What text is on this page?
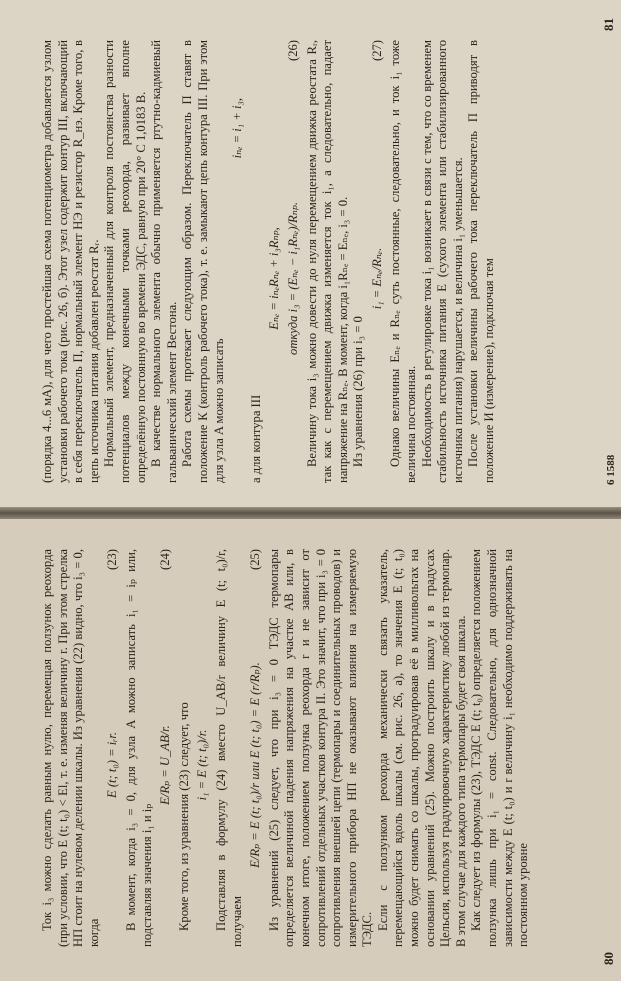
Ток i₃ можно сделать равным нулю, перемещая ползунок реохорда (при условии, что E (t; t₀) < El, т. е. изменяя величину r. При этом стрелка НП стоит на нулевом делении шкалы. Из уравнения (22) видно, что i₃ = 0, когда

E (t; t₀) = iᵣr.
(23) В момент, когда i₃ = 0, для узла A можно записать i₁ = iₚ или, подставляя значения i₁ и iₚ

E/Rₚ = U_AB/r.
(24)

Кроме того, из уравнения (23) следует, что i₁ = E (t; t₀)/r. Подставляя в формулу (24) вместо U_AB/r величину E (t; t₀)/r, получаем

E/Rₚ = E (t; t₀)/r или E (t; t₀) = E (r/Rₚ).
(25) Из уравнений (25) следует, что при i₃ = 0 ТЭДС термопары определяется величиной падения напряжения на участке AB или, в конечном итоге, положением ползунка реохорда r и не зависит от сопротивлений отдельных участков контура II. Это значит, что при i₃ = 0 сопротивления внешней цепи (термопары и соединительных проводов) и измерительного прибора НП не оказывают влияния на измеряемую ТЭДС. Если с ползунком реохорда механически связать указатель, перемещающийся вдоль шкалы (см. рис. 26, a), то значения E (t; t₀) можно будет снимать со шкалы, проградуировав её в милливольтах на основании уравнений (25). Можно построить шкалу и в градусах Цельсия, используя градуировочную характеристику любой из термопар. В этом случае для каждого типа термопары будет своя шкала. Как следует из формулы (23), ТЭДС E (t; t₀) определяется положением ползунка лишь при i₁ = const. Следовательно, для однозначной зависимости между E (t; t₀) и r величину i₁ необходимо поддерживать на постоянном уровне

80

(порядка 4...6 мА), для чего простейшая схема потенциометра добавляется узлом установки рабочего тока (рис. 26, б). Этот узел содержит контур III, включающий в себя переключатель П, нормальный элемент НЭ и резистор R_нэ. Кроме того, в цепь источника питания добавлен реостат Rᵣ. Нормальный элемент, предназначенный для контроля постоянства разности потенциалов между конечными точками реохорда, развивает вполне определённую постоянную во времени ЭДС, равную при 20° C 1,0183 В. В качестве нормального элемента обычно применяется ртутно-кадмиевый гальванический элемент Вестона. Работа схемы протекает следующим образом. Переключатель П ставят в положение К (контроль рабочего тока), т. е. замыкают цепь контура III. При этом для узла A можно записать

iₙₑ = i₁ + i₃,

а для контура III

Eₙₑ = iₙₑRₙₑ + i₃Rₙₚ, откуда i₃ = (Eₙₑ − i₁Rₙₑ)/Rₙₚ.
(26) Величину тока i₃ можно довести до нуля перемещением движка реостата Rᵣ, так как с перемещением движка изменяется ток i₁, а следовательно, падает напряжение на Rₙₑ. В момент, когда i₁Rₙₑ = Eₙₑ, i₃ = 0. Из уравнения (26) при i₃ = 0

i₁ = Eₙₑ/Rₙₑ.
(27) Однако величины Eₙₑ и Rₙₑ суть постоянные, следовательно, и ток i₁ тоже величина постоянная. Необходимость в регулировке тока i₁ возникает в связи с тем, что со временем стабильность источника питания E (сухого элемента или стабилизированного источника питания) нарушается, и величина i₁ уменьшается. После установки величины рабочего тока переключатель П приводят в положение И (измерение), подключая тем	6 1588
81
